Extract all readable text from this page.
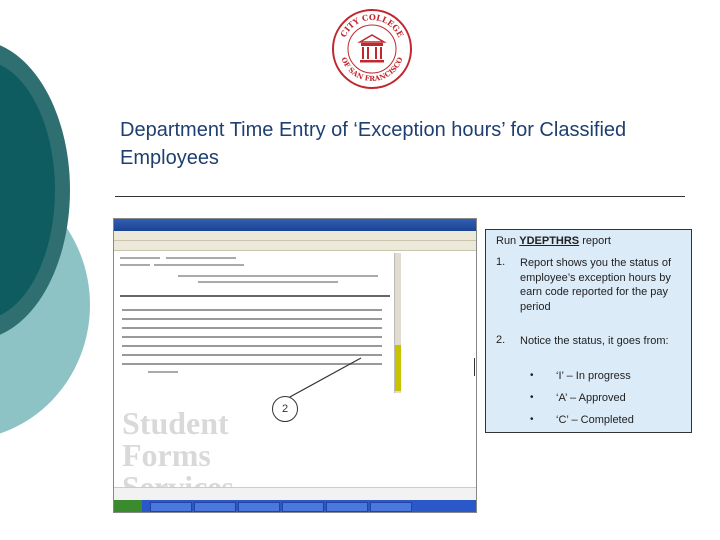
CITY COLLEGE
OF SAN FRANCISCO
Department Time Entry of ‘Exception hours’ for Classified Employees
Student
Forms
2
Run YDEPTHRS report
1. Report shows you the status of employee’s exception hours by earn code reported for the pay period
2. Notice the status, it goes from:
• ‘I’ – In progress
• ‘A’ – Approved
• ‘C’ – Completed
